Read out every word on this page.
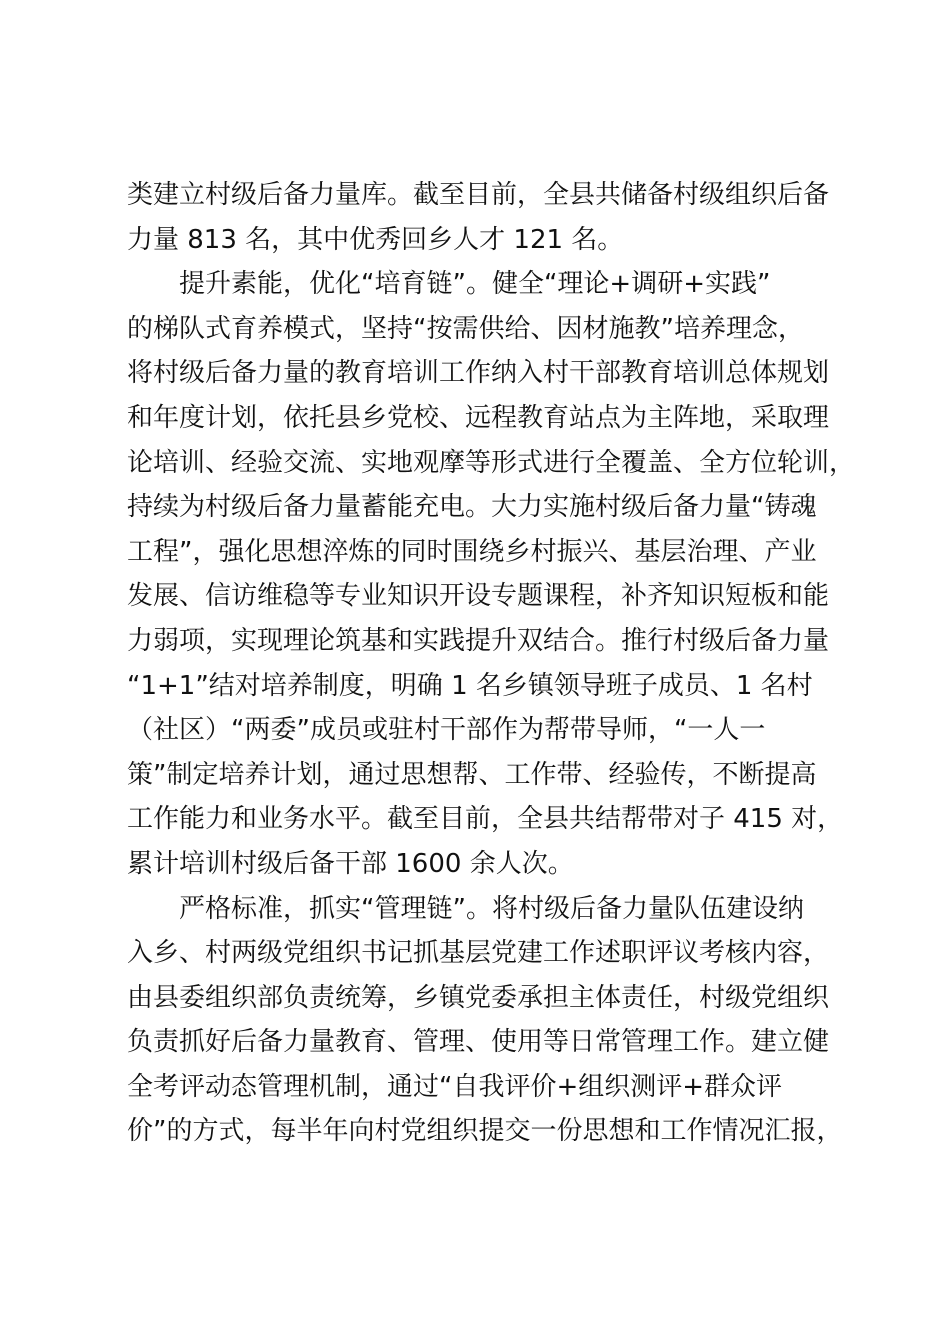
类建立村级后备力量库。截至目前，全县共储备村级组织后备
力量 813 名，其中优秀回乡人才 121 名。
提升素能，优化“培育链”。健全“理论+调研+实践”
的梯队式育养模式，坚持“按需供给、因材施教”培养理念，
将村级后备力量的教育培训工作纳入村干部教育培训总体规划
和年度计划，依托县乡党校、远程教育站点为主阵地，采取理
论培训、经验交流、实地观摩等形式进行全覆盖、全方位轮训，
持续为村级后备力量蓄能充电。大力实施村级后备力量“铸魂
工程”，强化思想淬炼的同时围绕乡村振兴、基层治理、产业
发展、信访维稳等专业知识开设专题课程，补齐知识短板和能
力弱项，实现理论筑基和实践提升双结合。推行村级后备力量
“1+1”结对培养制度，明确 1 名乡镇领导班子成员、1 名村
（社区）“两委”成员或驻村干部作为帮带导师，“一人一
策”制定培养计划，通过思想帮、工作带、经验传，不断提高
工作能力和业务水平。截至目前，全县共结帮带对子 415 对，
累计培训村级后备干部 1600 余人次。
严格标准，抓实“管理链”。将村级后备力量队伍建设纳
入乡、村两级党组织书记抓基层党建工作述职评议考核内容，
由县委组织部负责统筹，乡镇党委承担主体责任，村级党组织
负责抓好后备力量教育、管理、使用等日常管理工作。建立健
全考评动态管理机制，通过“自我评价+组织测评+群众评
价”的方式，每半年向村党组织提交一份思想和工作情况汇报，
